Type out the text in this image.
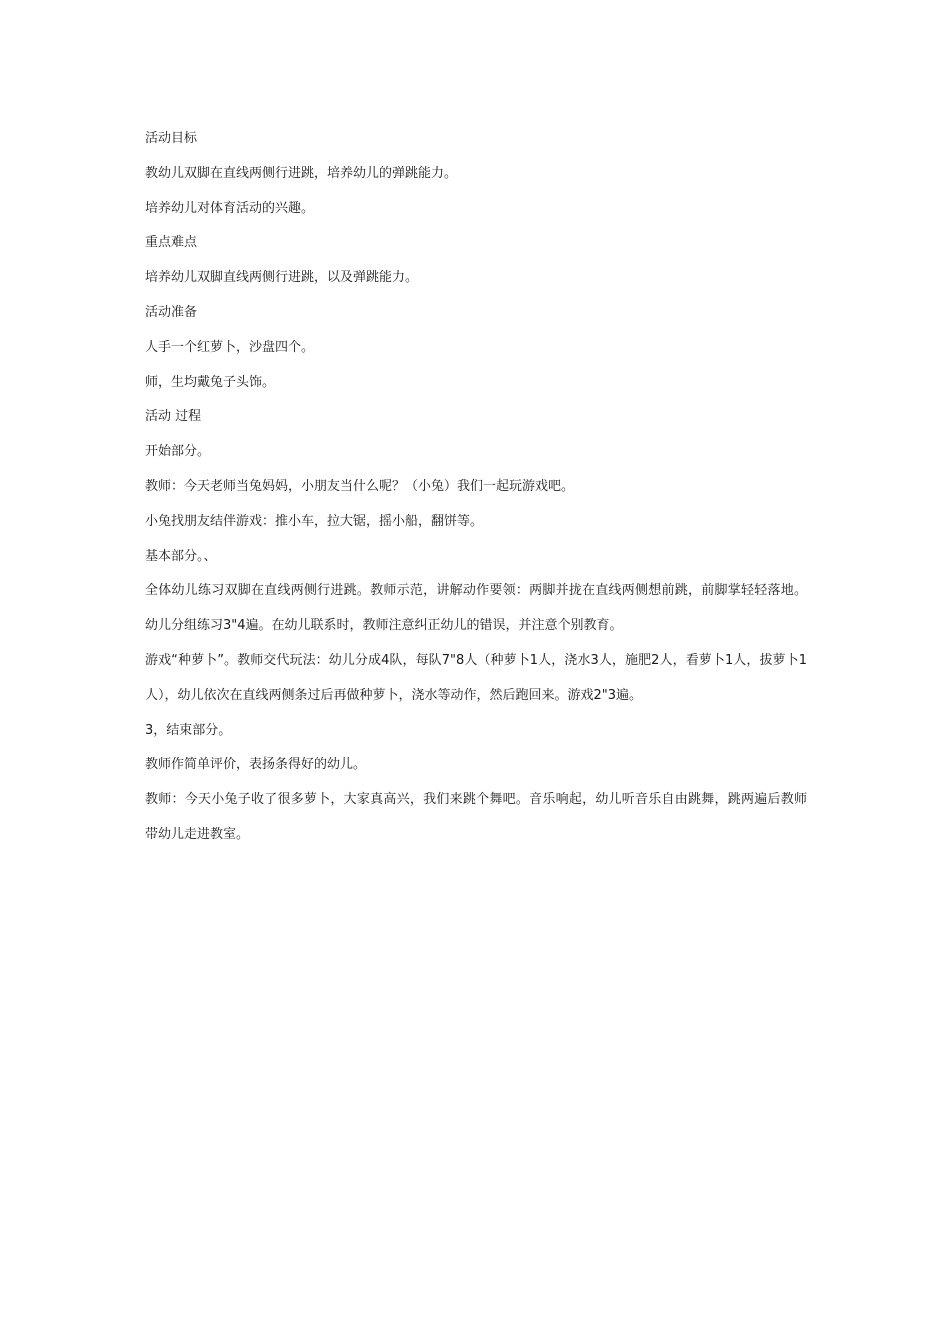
活动目标

教幼儿双脚在直线两侧行进跳，培养幼儿的弹跳能力。

培养幼儿对体育活动的兴趣。

重点难点

培养幼儿双脚直线两侧行进跳，以及弹跳能力。

活动准备

人手一个红萝卜，沙盘四个。

师，生均戴兔子头饰。

活动 过程

开始部分。

教师：今天老师当兔妈妈，小朋友当什么呢？（小兔）我们一起玩游戏吧。

小兔找朋友结伴游戏：推小车，拉大锯，摇小船，翻饼等。

基本部分。、

全体幼儿练习双脚在直线两侧行进跳。教师示范，讲解动作要领：两脚并拢在直线两侧想前跳，前脚掌轻轻落地。幼儿分组练习3"4遍。在幼儿联系时，教师注意纠正幼儿的错误，并注意个别教育。

游戏“种萝卜”。教师交代玩法：幼儿分成4队，每队7"8人（种萝卜1人，浇水3人，施肥2人，看萝卜1人，拔萝卜1人），幼儿依次在直线两侧条过后再做种萝卜，浇水等动作，然后跑回来。游戏2"3遍。

3，结束部分。

教师作简单评价，表扬条得好的幼儿。

教师：今天小兔子收了很多萝卜，大家真高兴，我们来跳个舞吧。音乐响起，幼儿听音乐自由跳舞，跳两遍后教师带幼儿走进教室。
